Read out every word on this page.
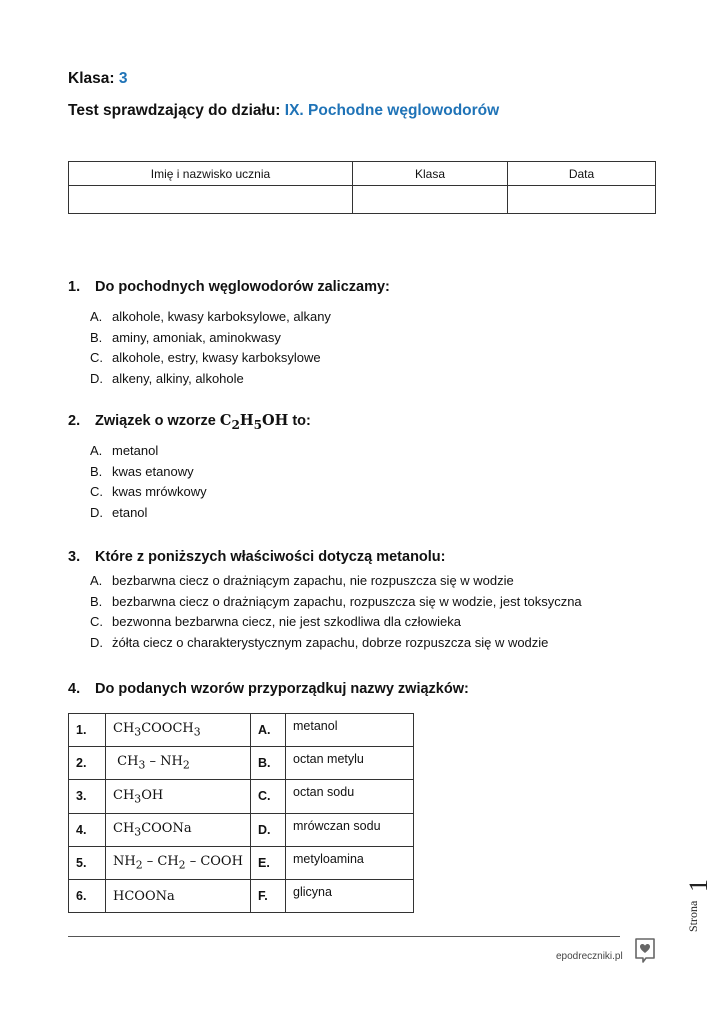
Klasa: 3
Test sprawdzający do działu: IX. Pochodne węglowodorów
Imię i nazwisko ucznia	Klasa	Data

1. Do pochodnych węglowodorów zaliczamy:
A. alkohole, kwasy karboksylowe, alkany
B. aminy, amoniak, aminokwasy
C. alkohole, estry, kwasy karboksylowe
D. alkeny, alkiny, alkohole
2. Związek o wzorze $C_2H_5OH$ to:
A. metanol
B. kwas etanowy
C. kwas mrówkowy
D. etanol
3. Które z poniższych właściwości dotyczą metanolu:
A. bezbarwna ciecz o drażniącym zapachu, nie rozpuszcza się w wodzie
B. bezbarwna ciecz o drażniącym zapachu, rozpuszcza się w wodzie, jest toksyczna
C. bezwonna bezbarwna ciecz, nie jest szkodliwa dla człowieka
D. żółta ciecz o charakterystycznym zapachu, dobrze rozpuszcza się w wodzie
4. Do podanych wzorów przyporządkuj nazwy związków:
1.	$CH_3COOCH_3$	A.	metanol
2.	$CH_3 - NH_2$	B.	octan metylu
3.	$CH_3OH$	C.	octan sodu
4.	$CH_3COONa$	D.	mrówczan sodu
5.	$NH_2 - CH_2$ – COOH	E.	metyloamina
6.	HCOONa	F.	glicyna
Strona
1
epodreczniki.pl
